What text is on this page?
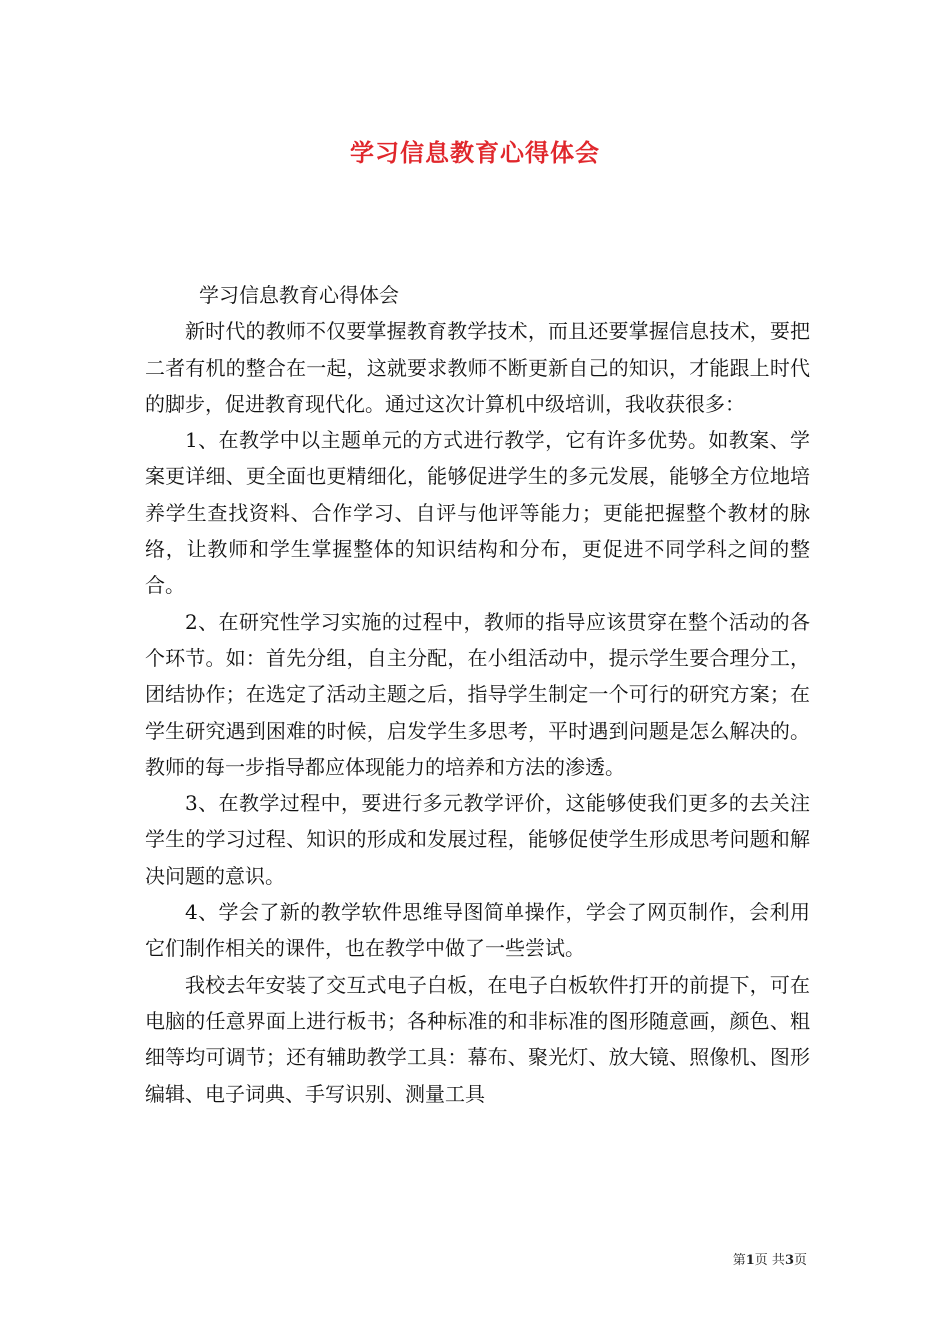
学习信息教育心得体会

学习信息教育心得体会

新时代的教师不仅要掌握教育教学技术，而且还要掌握信息技术，要把二者有机的整合在一起，这就要求教师不断更新自己的知识，才能跟上时代的脚步，促进教育现代化。通过这次计算机中级培训，我收获很多：

1、在教学中以主题单元的方式进行教学，它有许多优势。如教案、学案更详细、更全面也更精细化，能够促进学生的多元发展，能够全方位地培养学生查找资料、合作学习、自评与他评等能力；更能把握整个教材的脉络，让教师和学生掌握整体的知识结构和分布，更促进不同学科之间的整合。

2、在研究性学习实施的过程中，教师的指导应该贯穿在整个活动的各个环节。如：首先分组，自主分配，在小组活动中，提示学生要合理分工，团结协作；在选定了活动主题之后，指导学生制定一个可行的研究方案；在学生研究遇到困难的时候，启发学生多思考，平时遇到问题是怎么解决的。教师的每一步指导都应体现能力的培养和方法的渗透。

3、在教学过程中，要进行多元教学评价，这能够使我们更多的去关注学生的学习过程、知识的形成和发展过程，能够促使学生形成思考问题和解决问题的意识。

4、学会了新的教学软件思维导图简单操作，学会了网页制作，会利用它们制作相关的课件，也在教学中做了一些尝试。

我校去年安装了交互式电子白板，在电子白板软件打开的前提下，可在电脑的任意界面上进行板书；各种标准的和非标准的图形随意画，颜色、粗细等均可调节；还有辅助教学工具：幕布、聚光灯、放大镜、照像机、图形编辑、电子词典、手写识别、测量工具

第1页 共3页
